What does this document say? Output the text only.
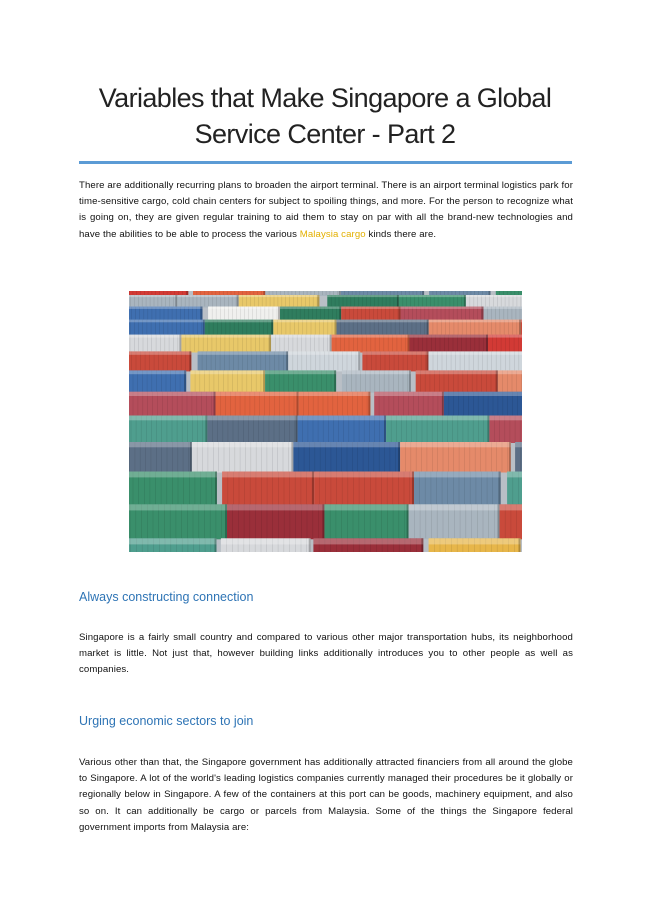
Variables that Make Singapore a Global Service Center - Part 2

There are additionally recurring plans to broaden the airport terminal. There is an airport terminal logistics park for time-sensitive cargo, cold chain centers for subject to spoiling things, and more. For the person to recognize what is going on, they are given regular training to aid them to stay on par with all the brand-new technologies and have the abilities to be able to process the various Malaysia cargo kinds there are.

Always constructing connection

Singapore is a fairly small country and compared to various other major transportation hubs, its neighborhood market is little. Not just that, however building links additionally introduces you to other people as well as companies.

Urging economic sectors to join

Various other than that, the Singapore government has additionally attracted financiers from all around the globe to Singapore. A lot of the world's leading logistics companies currently managed their procedures be it globally or regionally below in Singapore. A few of the containers at this port can be goods, machinery equipment, and also so on. It can additionally be cargo or parcels from Malaysia. Some of the things the Singapore federal government imports from Malaysia are:
